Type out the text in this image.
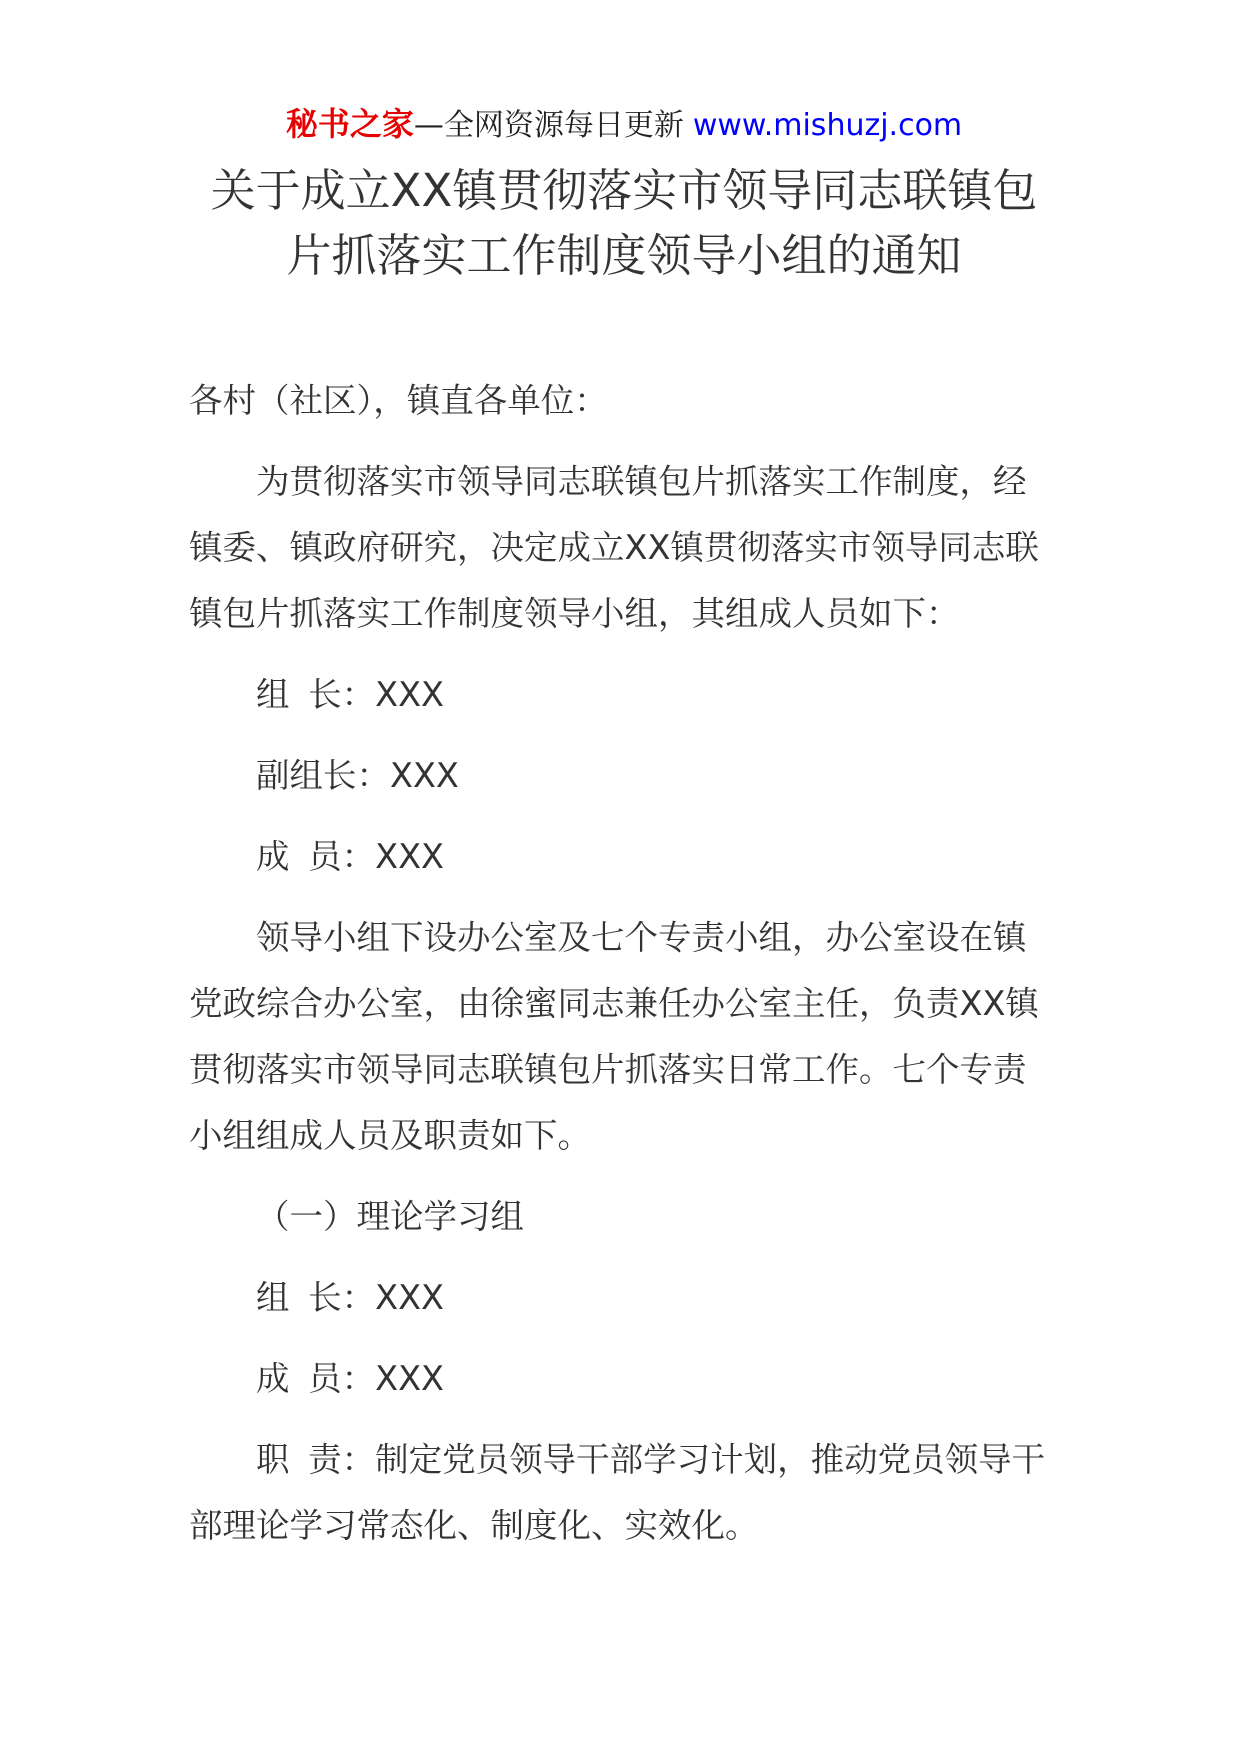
秘书之家—全网资源每日更新 www.mishuzj.com
关于成立XX镇贯彻落实市领导同志联镇包
片抓落实工作制度领导小组的通知

各村（社区），镇直各单位：

为贯彻落实市领导同志联镇包片抓落实工作制度，经
镇委、镇政府研究，决定成立XX镇贯彻落实市领导同志联
镇包片抓落实工作制度领导小组，其组成人员如下：

组 长：XXX

副组长：XXX

成 员：XXX

领导小组下设办公室及七个专责小组，办公室设在镇
党政综合办公室，由徐蜜同志兼任办公室主任，负责XX镇
贯彻落实市领导同志联镇包片抓落实日常工作。七个专责
小组组成人员及职责如下。

（一）理论学习组

组 长：XXX

成 员：XXX

职 责：制定党员领导干部学习计划，推动党员领导干
部理论学习常态化、制度化、实效化。
